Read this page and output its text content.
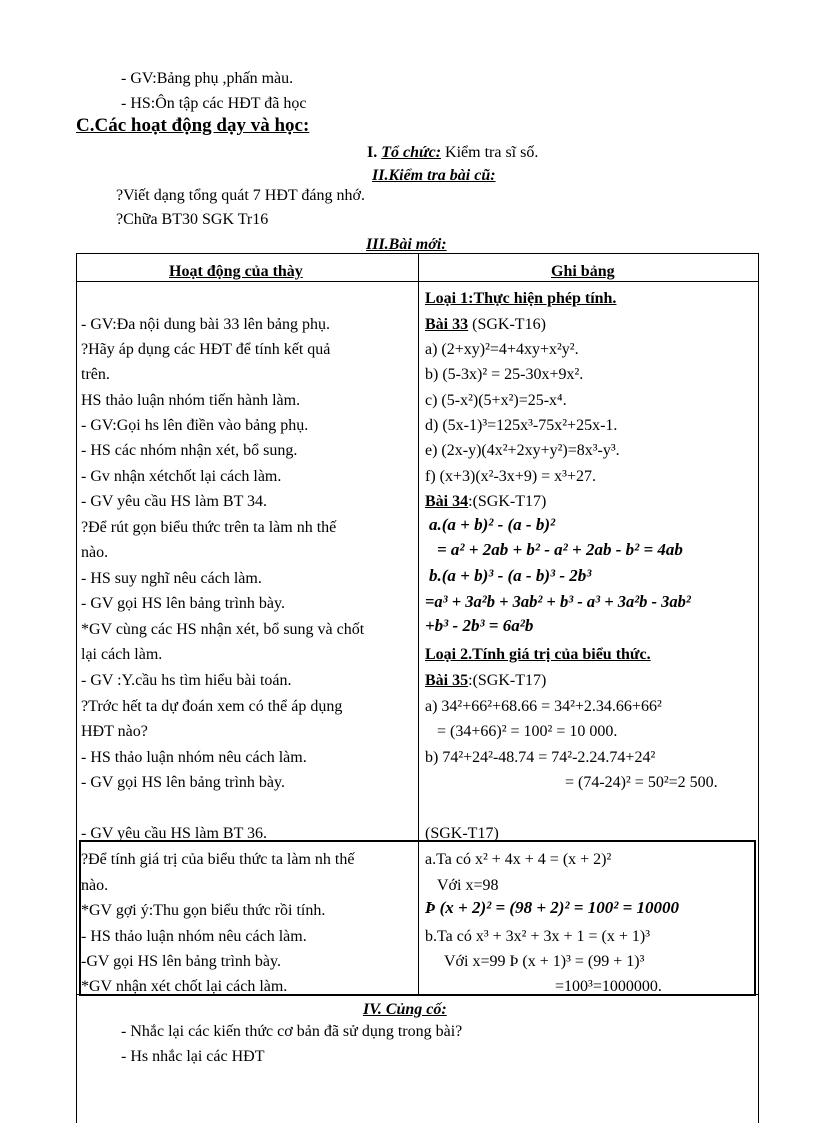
- GV:Bảng phụ ,phấn màu.
- HS:Ôn tập các HĐT đã học
C.Các hoạt động dạy và học:
I. Tổ chức: Kiểm tra sĩ số.
II.Kiểm tra bài cũ:
?Viết dạng tổng quát 7 HĐT đáng nhớ.
?Chữa BT30 SGK Tr16
III.Bài mới:
Hoạt động của thày	Ghi bảng
- GV:Đa nội dung bài 33 lên bảng phụ.
?Hãy áp dụng các HĐT để tính kết quả
trên.
HS thảo luận nhóm tiến hành làm.
- GV:Gọi hs lên điền vào bảng phụ.
- HS các nhóm nhận xét, bổ sung.
- Gv nhận xétchốt lại cách làm.
- GV yêu cầu HS làm BT 34.
?Để rút gọn biểu thức trên ta làm nh thế
nào.
- HS suy nghĩ nêu cách làm.
- GV gọi HS lên bảng trình bày.
*GV cùng các HS nhận xét, bổ sung và chốt
lại cách làm.
- GV :Y.cầu hs tìm hiểu bài toán.
?Trớc hết ta dự đoán xem có thể áp dụng
HĐT nào?
- HS thảo luận nhóm nêu cách làm.
- GV gọi HS lên bảng trình bày.
- GV yêu cầu HS làm BT 36.
?Để tính giá trị của biểu thức ta làm nh thế
nào.
*GV gợi ý:Thu gọn biểu thức rồi tính.
- HS thảo luận nhóm nêu cách làm.
-GV gọi HS lên bảng trình bày.
*GV nhận xét chốt lại cách làm.
Loại 1:Thực hiện phép tính.
Bài 33 (SGK-T16)
a) (2+xy)²=4+4xy+x²y².
b) (5-3x)² = 25-30x+9x².
c) (5-x²)(5+x²)=25-x⁴.
d) (5x-1)³=125x³-75x²+25x-1.
e) (2x-y)(4x²+2xy+y²)=8x³-y³.
f) (x+3)(x²-3x+9) = x³+27.
Bài 34:(SGK-T17)
a.(a + b)² - (a - b)²
= a² + 2ab + b² - a² + 2ab - b² = 4ab
b.(a + b)³ - (a - b)³ - 2b³
=a³ + 3a²b + 3ab² + b³ - a³ + 3a²b - 3ab²
+b³ - 2b³ = 6a²b
Loại 2.Tính giá trị của biểu thức.
Bài 35:(SGK-T17)
a) 34²+66²+68.66 = 34²+2.34.66+66²
= (34+66)² = 100² = 10 000.
b) 74²+24²-48.74 = 74²-2.24.74+24²
= (74-24)² = 50²=2 500.
(SGK-T17)
a.Ta có x² + 4x + 4 = (x + 2)²
Với x=98
Þ (x + 2)² = (98 + 2)² = 100² = 10000
b.Ta có x³ + 3x² + 3x + 1 = (x + 1)³
Với x=99 Þ (x + 1)³ = (99 + 1)³
=100³=1000000.
IV. Củng cố:
- Nhắc lại các kiến thức cơ bản đã sử dụng trong bài?
- Hs nhắc lại các HĐT
